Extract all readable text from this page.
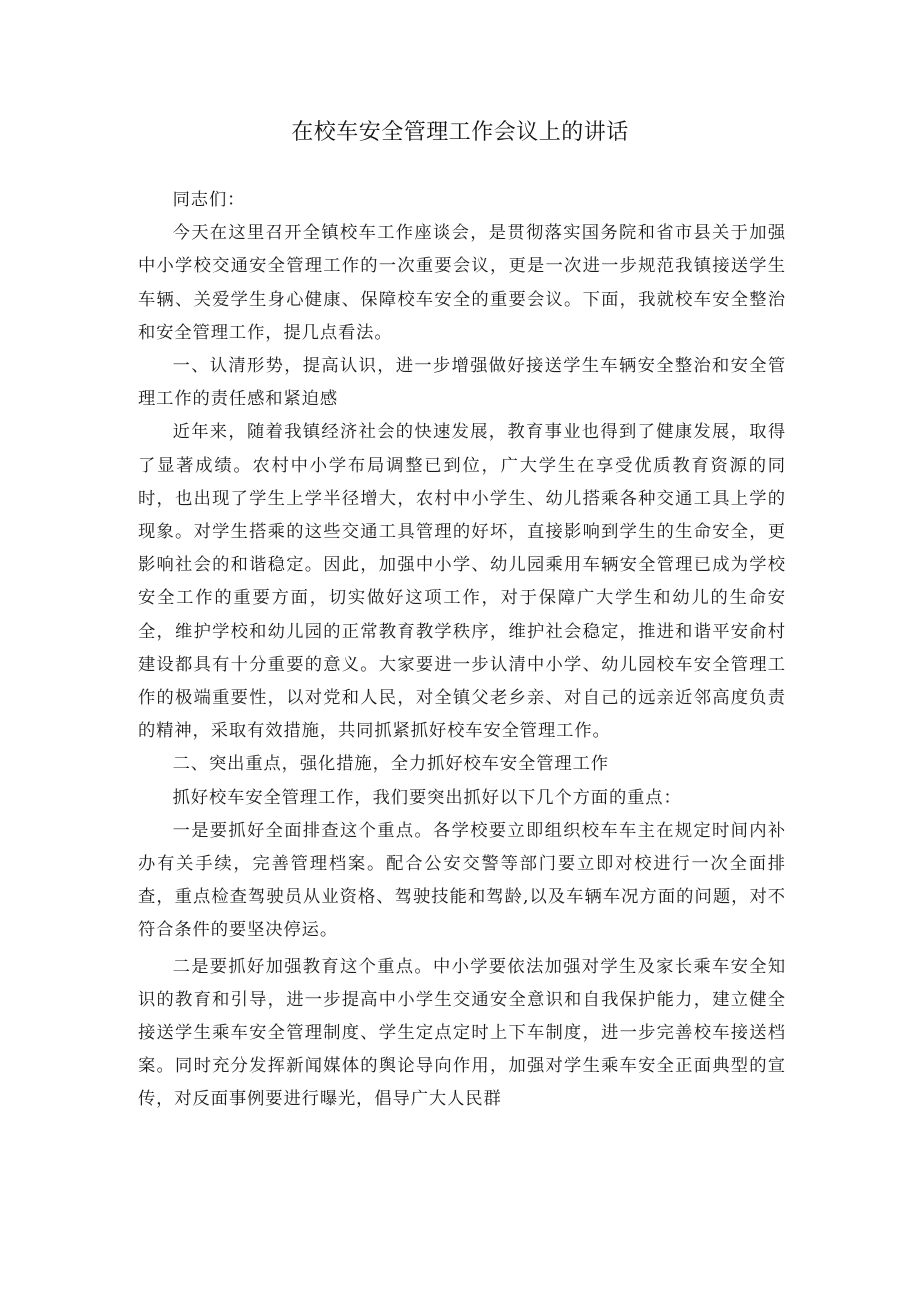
在校车安全管理工作会议上的讲话

同志们：

今天在这里召开全镇校车工作座谈会，是贯彻落实国务院和省市县关于加强中小学校交通安全管理工作的一次重要会议，更是一次进一步规范我镇接送学生车辆、关爱学生身心健康、保障校车安全的重要会议。下面，我就校车安全整治和安全管理工作，提几点看法。

一、认清形势，提高认识，进一步增强做好接送学生车辆安全整治和安全管理工作的责任感和紧迫感

近年来，随着我镇经济社会的快速发展，教育事业也得到了健康发展，取得了显著成绩。农村中小学布局调整已到位，广大学生在享受优质教育资源的同时，也出现了学生上学半径增大，农村中小学生、幼儿搭乘各种交通工具上学的现象。对学生搭乘的这些交通工具管理的好坏，直接影响到学生的生命安全，更影响社会的和谐稳定。因此，加强中小学、幼儿园乘用车辆安全管理已成为学校安全工作的重要方面，切实做好这项工作，对于保障广大学生和幼儿的生命安全，维护学校和幼儿园的正常教育教学秩序，维护社会稳定，推进和谐平安俞村建设都具有十分重要的意义。大家要进一步认清中小学、幼儿园校车安全管理工作的极端重要性，以对党和人民，对全镇父老乡亲、对自己的远亲近邻高度负责的精神，采取有效措施，共同抓紧抓好校车安全管理工作。

二、突出重点，强化措施，全力抓好校车安全管理工作

抓好校车安全管理工作，我们要突出抓好以下几个方面的重点：

一是要抓好全面排查这个重点。各学校要立即组织校车车主在规定时间内补办有关手续，完善管理档案。配合公安交警等部门要立即对校进行一次全面排查，重点检查驾驶员从业资格、驾驶技能和驾龄,以及车辆车况方面的问题，对不符合条件的要坚决停运。

二是要抓好加强教育这个重点。中小学要依法加强对学生及家长乘车安全知识的教育和引导，进一步提高中小学生交通安全意识和自我保护能力，建立健全接送学生乘车安全管理制度、学生定点定时上下车制度，进一步完善校车接送档案。同时充分发挥新闻媒体的舆论导向作用，加强对学生乘车安全正面典型的宣传，对反面事例要进行曝光，倡导广大人民群
